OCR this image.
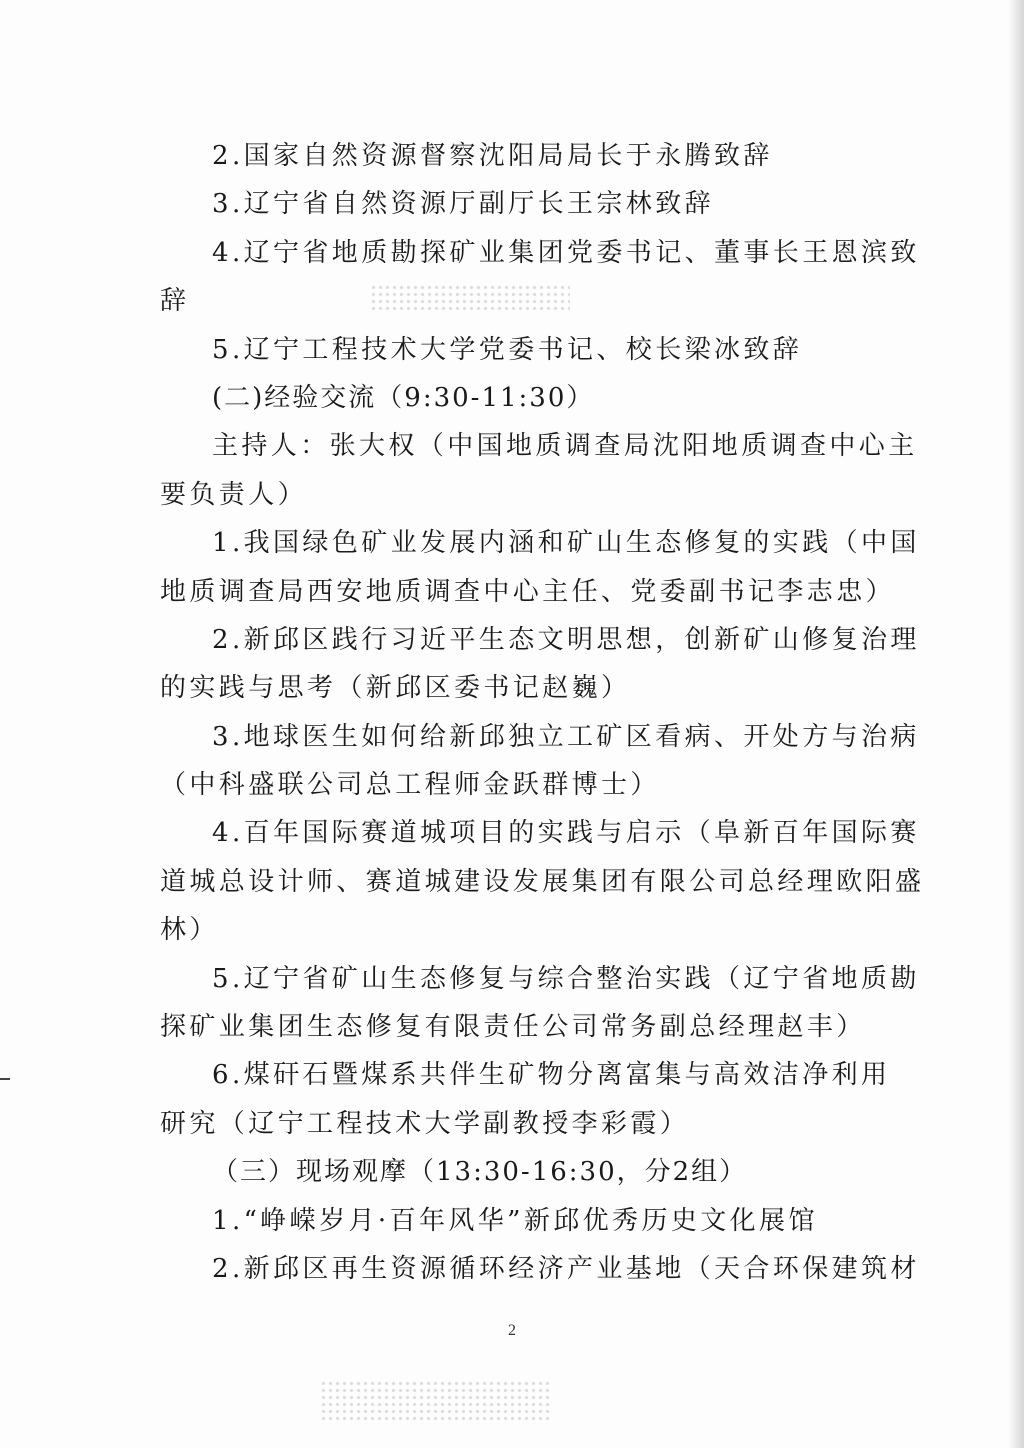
2.国家自然资源督察沈阳局局长于永腾致辞
3.辽宁省自然资源厅副厅长王宗林致辞
4.辽宁省地质勘探矿业集团党委书记、董事长王恩滨致
辞
5.辽宁工程技术大学党委书记、校长梁冰致辞
(二)经验交流（9:30-11:30）
主持人：张大权（中国地质调查局沈阳地质调查中心主
要负责人）
1.我国绿色矿业发展内涵和矿山生态修复的实践（中国
地质调查局西安地质调查中心主任、党委副书记李志忠）
2.新邱区践行习近平生态文明思想，创新矿山修复治理
的实践与思考（新邱区委书记赵巍）
3.地球医生如何给新邱独立工矿区看病、开处方与治病
（中科盛联公司总工程师金跃群博士）
4.百年国际赛道城项目的实践与启示（阜新百年国际赛
道城总设计师、赛道城建设发展集团有限公司总经理欧阳盛
林）
5.辽宁省矿山生态修复与综合整治实践（辽宁省地质勘
探矿业集团生态修复有限责任公司常务副总经理赵丰）
6.煤矸石暨煤系共伴生矿物分离富集与高效洁净利用
研究（辽宁工程技术大学副教授李彩霞）
（三）现场观摩（13:30-16:30，分2组）
1.“峥嵘岁月·百年风华”新邱优秀历史文化展馆
2.新邱区再生资源循环经济产业基地（天合环保建筑材
2
